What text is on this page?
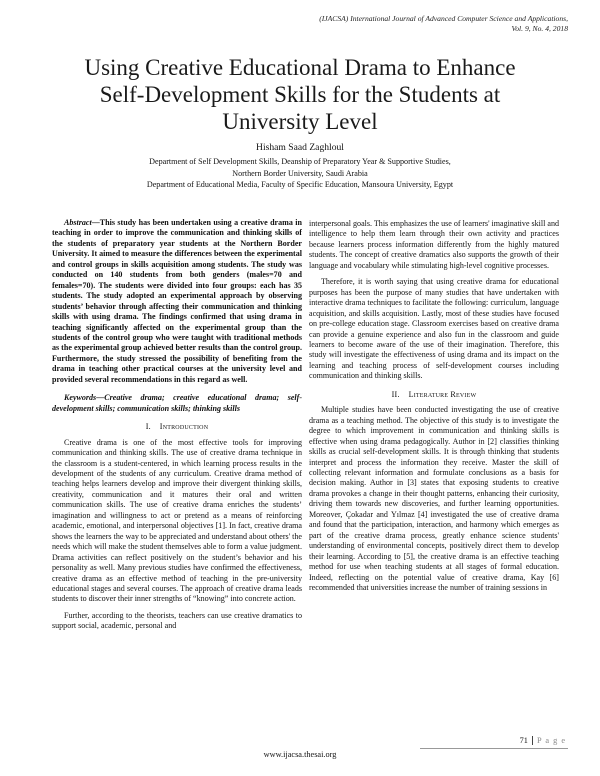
(IJACSA) International Journal of Advanced Computer Science and Applications,
Vol. 9, No. 4, 2018
Using Creative Educational Drama to Enhance
Self-Development Skills for the Students at
University Level
Hisham Saad Zaghloul
Department of Self Development Skills, Deanship of Preparatory Year & Supportive Studies,
Northern Border University, Saudi Arabia
Department of Educational Media, Faculty of Specific Education, Mansoura University, Egypt

Abstract—This study has been undertaken using a creative drama in teaching in order to improve the communication and thinking skills of the students of preparatory year students at the Northern Border University. It aimed to measure the differences between the experimental and control groups in skills acquisition among students. The study was conducted on 140 students from both genders (males=70 and females=70). The students were divided into four groups: each has 35 students. The study adopted an experimental approach by observing students’ behavior through affecting their communication and thinking skills with using drama. The findings confirmed that using drama in teaching significantly affected on the experimental group than the students of the control group who were taught with traditional methods as the experimental group achieved better results than the control group. Furthermore, the study stressed the possibility of benefiting from the drama in teaching other practical courses at the university level and provided several recommendations in this regard as well.

Keywords—Creative drama; creative educational drama; self-development skills; communication skills; thinking skills

I. Introduction

Creative drama is one of the most effective tools for improving communication and thinking skills. The use of creative drama technique in the classroom is a student-centered, in which learning process results in the development of the students of any curriculum. Creative drama method of teaching helps learners develop and improve their divergent thinking skills, creativity, communication and it matures their oral and written communication skills. The use of creative drama enriches the students’ imagination and willingness to act or pretend as a means of reinforcing academic, emotional, and interpersonal objectives [1]. In fact, creative drama shows the learners the way to be appreciated and understand about others' the needs which will make the student themselves able to form a value judgment. Drama activities can reflect positively on the student’s behavior and his personality as well. Many previous studies have confirmed the effectiveness, creative drama as an effective method of teaching in the pre-university educational stages and several courses. The approach of creative drama leads students to discover their inner strengths of “knowing” into concrete action.

Further, according to the theorists, teachers can use creative dramatics to support social, academic, personal and

interpersonal goals. This emphasizes the use of learners' imaginative skill and intelligence to help them learn through their own activity and practices because learners process information differently from the highly matured students. The concept of creative dramatics also supports the growth of their language and vocabulary while stimulating high-level cognitive processes.

Therefore, it is worth saying that using creative drama for educational purposes has been the purpose of many studies that have undertaken with interactive drama techniques to facilitate the following: curriculum, language acquisition, and skills acquisition. Lastly, most of these studies have focused on pre-college education stage. Classroom exercises based on creative drama can provide a genuine experience and also fun in the classroom and guide learners to become aware of the use of their imagination. Therefore, this study will investigate the effectiveness of using drama and its impact on the learning and teaching process of self-development courses including communication and thinking skills.

II. Literature Review

Multiple studies have been conducted investigating the use of creative drama as a teaching method. The objective of this study is to investigate the degree to which improvement in communication and thinking skills is effective when using drama pedagogically. Author in [2] classifies thinking skills as crucial self-development skills. It is through thinking that students interpret and process the information they receive. Master the skill of collecting relevant information and formulate conclusions as a basis for decision making. Author in [3] states that exposing students to creative drama provokes a change in their thought patterns, enhancing their curiosity, driving them towards new discoveries, and further learning opportunities. Moreover, Çokadar and Yılmaz [4] investigated the use of creative drama and found that the participation, interaction, and harmony which emerges as part of the creative drama process, greatly enhance science students' understanding of environmental concepts, positively direct them to develop their learning. According to [5], the creative drama is an effective teaching method for use when teaching students at all stages of formal education. Indeed, reflecting on the potential value of creative drama, Kay [6] recommended that universities increase the number of training sessions in

71 P a g e
www.ijacsa.thesai.org
